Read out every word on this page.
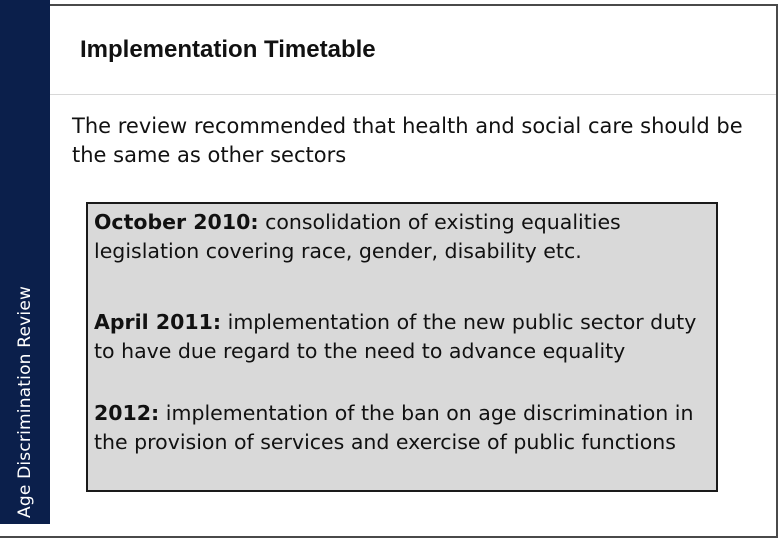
Age Discrimination Review
Implementation Timetable
The review recommended that health and social care should be the same as other sectors
October 2010: consolidation of existing equalities legislation covering race, gender, disability etc.
April 2011: implementation of the new public sector duty to have due regard to the need to advance equality
2012: implementation of the ban on age discrimination in the provision of services and exercise of public functions
